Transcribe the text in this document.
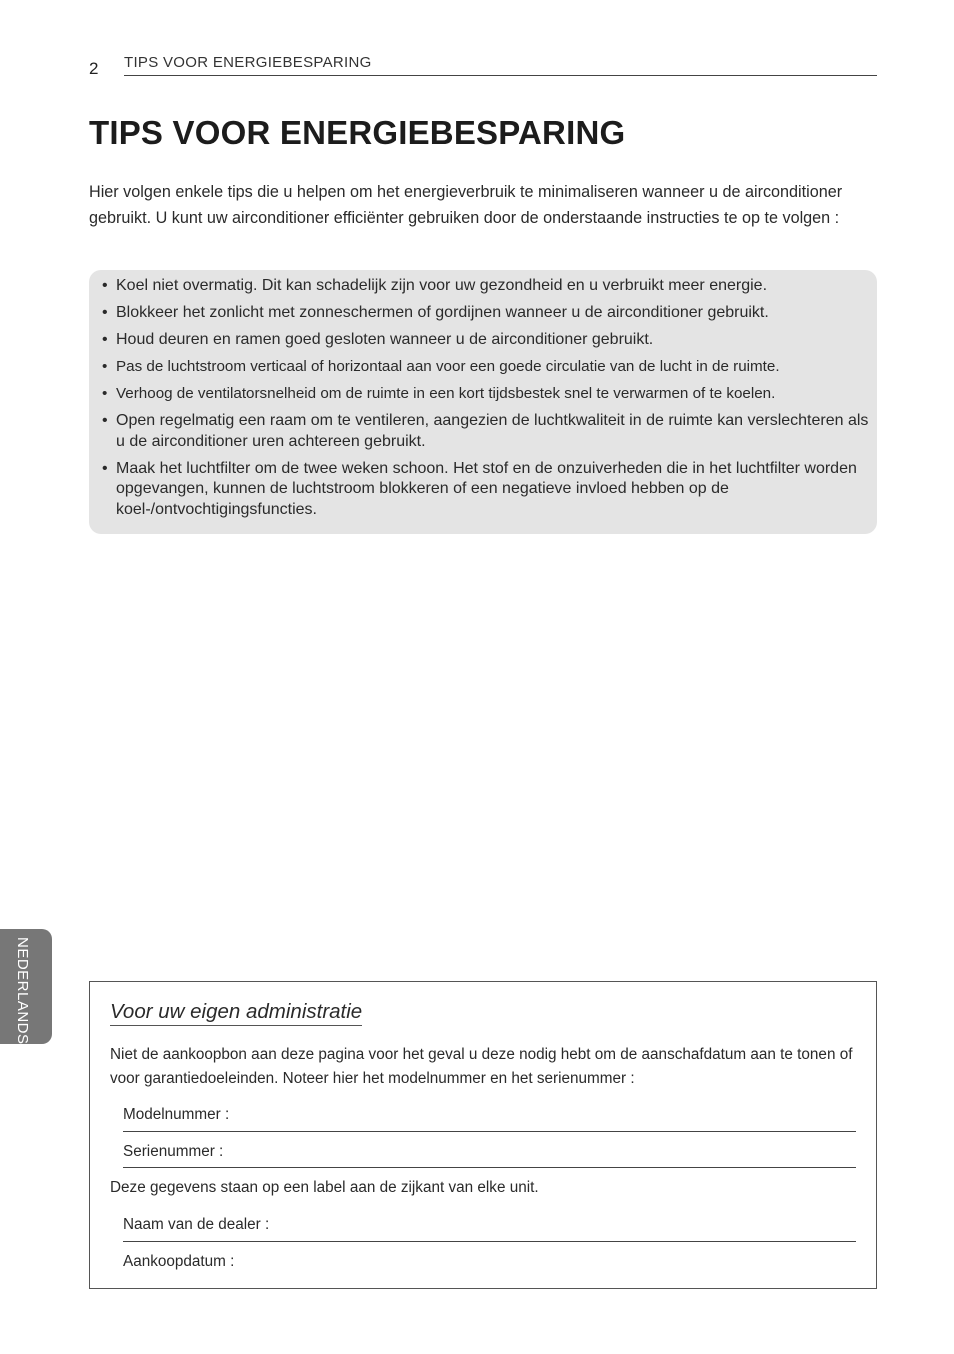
2 TIPS VOOR ENERGIEBESPARING
TIPS VOOR ENERGIEBESPARING

Hier volgen enkele tips die u helpen om het energieverbruik te minimaliseren wanneer u de airconditioner gebruikt. U kunt uw airconditioner efficiënter gebruiken door de onderstaande instructies te op te volgen :

• Koel niet overmatig. Dit kan schadelijk zijn voor uw gezondheid en u verbruikt meer energie.
• Blokkeer het zonlicht met zonneschermen of gordijnen wanneer u de airconditioner gebruikt.
• Houd deuren en ramen goed gesloten wanneer u de airconditioner gebruikt.
• Pas de luchtstroom verticaal of horizontaal aan voor een goede circulatie van de lucht in de ruimte.
• Verhoog de ventilatorsnelheid om de ruimte in een kort tijdsbestek snel te verwarmen of te koelen.
• Open regelmatig een raam om te ventileren, aangezien de luchtkwaliteit in de ruimte kan verslechteren als u de airconditioner uren achtereen gebruikt.
• Maak het luchtfilter om de twee weken schoon. Het stof en de onzuiverheden die in het luchtfilter worden opgevangen, kunnen de luchtstroom blokkeren of een negatieve invloed hebben op de koel-/ontvochtigingsfuncties.
NEDERLANDS	Voor uw eigen administratie

Niet de aankoopbon aan deze pagina voor het geval u deze nodig hebt om de aanschafdatum aan te tonen of voor garantiedoeleinden. Noteer hier het modelnummer en het serienummer :

Modelnummer :
Serienummer :
Deze gegevens staan op een label aan de zijkant van elke unit.
Naam van de dealer :
Aankoopdatum :
